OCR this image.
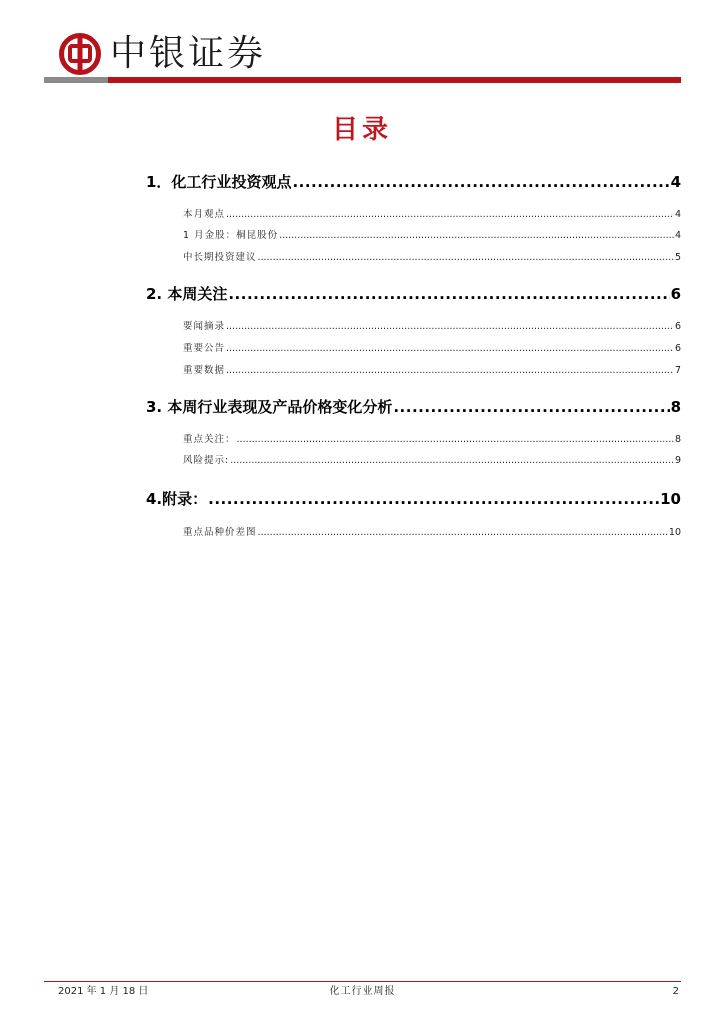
中银证券
目录
1．化工行业投资观点 .....	4
本月观点 .....	4
1 月金股：桐昆股份 .....	4
中长期投资建议 .....	5
2. 本周关注 .....	6
要闻摘录 .....	6
重要公告 .....	6
重要数据 .....	7
3. 本周行业表现及产品价格变化分析 .....	8
重点关注： .....	8
风险提示: .....	9
4.附录： .....	10
重点品种价差图 .....	10
2021 年 1 月 18 日	化工行业周报	2
